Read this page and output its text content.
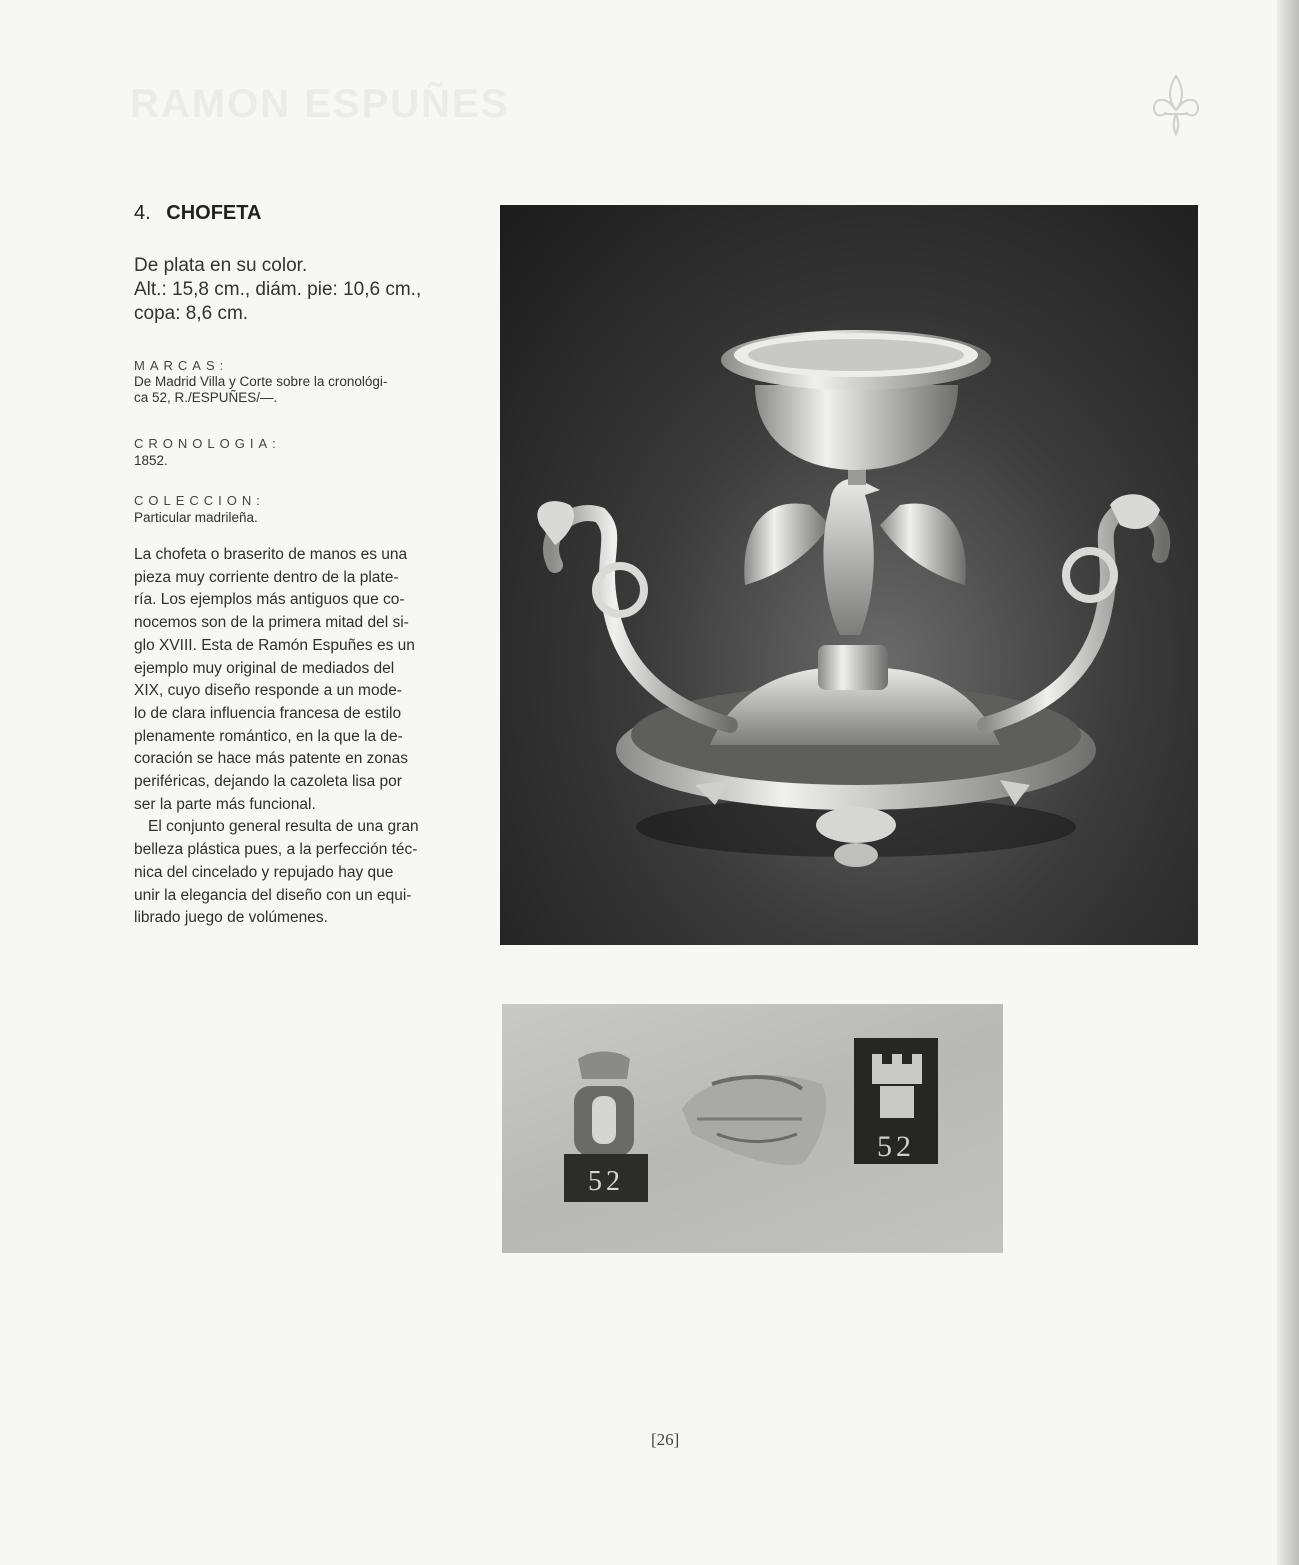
RAMON ESPUÑES
4. CHOFETA
De plata en su color.
Alt.: 15,8 cm., diám. pie: 10,6 cm.,
copa: 8,6 cm.
MARCAS:
De Madrid Villa y Corte sobre la cronológi-
ca 52, R./ESPUÑES/—.
CRONOLOGIA:
1852.
COLECCION:
Particular madrileña.
La chofeta o braserito de manos es una
pieza muy corriente dentro de la plate-
ría. Los ejemplos más antiguos que co-
nocemos son de la primera mitad del si-
glo XVIII. Esta de Ramón Espuñes es un
ejemplo muy original de mediados del
XIX, cuyo diseño responde a un mode-
lo de clara influencia francesa de estilo
plenamente romántico, en la que la de-
coración se hace más patente en zonas
periféricas, dejando la cazoleta lisa por
ser la parte más funcional.
El conjunto general resulta de una gran
belleza plástica pues, a la perfección téc-
nica del cincelado y repujado hay que
unir la elegancia del diseño con un equi-
librado juego de volúmenes.
52
52
[26]
